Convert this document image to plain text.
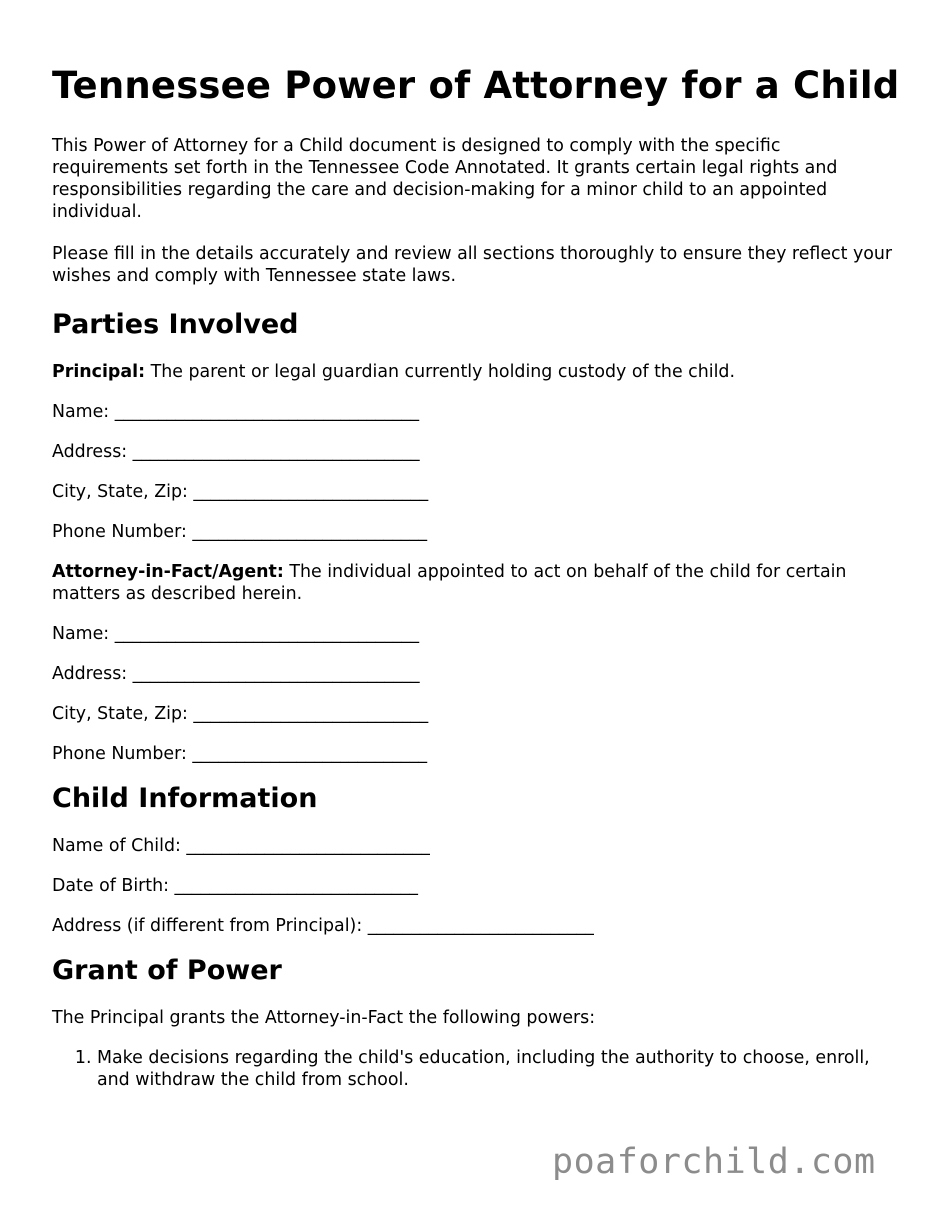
Tennessee Power of Attorney for a Child

This Power of Attorney for a Child document is designed to comply with the specific requirements set forth in the Tennessee Code Annotated. It grants certain legal rights and responsibilities regarding the care and decision-making for a minor child to an appointed individual.

Please fill in the details accurately and review all sections thoroughly to ensure they reflect your wishes and comply with Tennessee state laws.

Parties Involved

Principal: The parent or legal guardian currently holding custody of the child.

Name: ___________________________________

Address: _________________________________

City, State, Zip: ___________________________

Phone Number: ___________________________

Attorney-in-Fact/Agent: The individual appointed to act on behalf of the child for certain matters as described herein.

Name: ___________________________________

Address: _________________________________

City, State, Zip: ___________________________

Phone Number: ___________________________

Child Information

Name of Child: ____________________________

Date of Birth: ____________________________

Address (if different from Principal): __________________________

Grant of Power

The Principal grants the Attorney-in-Fact the following powers:

1. Make decisions regarding the child's education, including the authority to choose, enroll, and withdraw the child from school.
poaforchild.com
